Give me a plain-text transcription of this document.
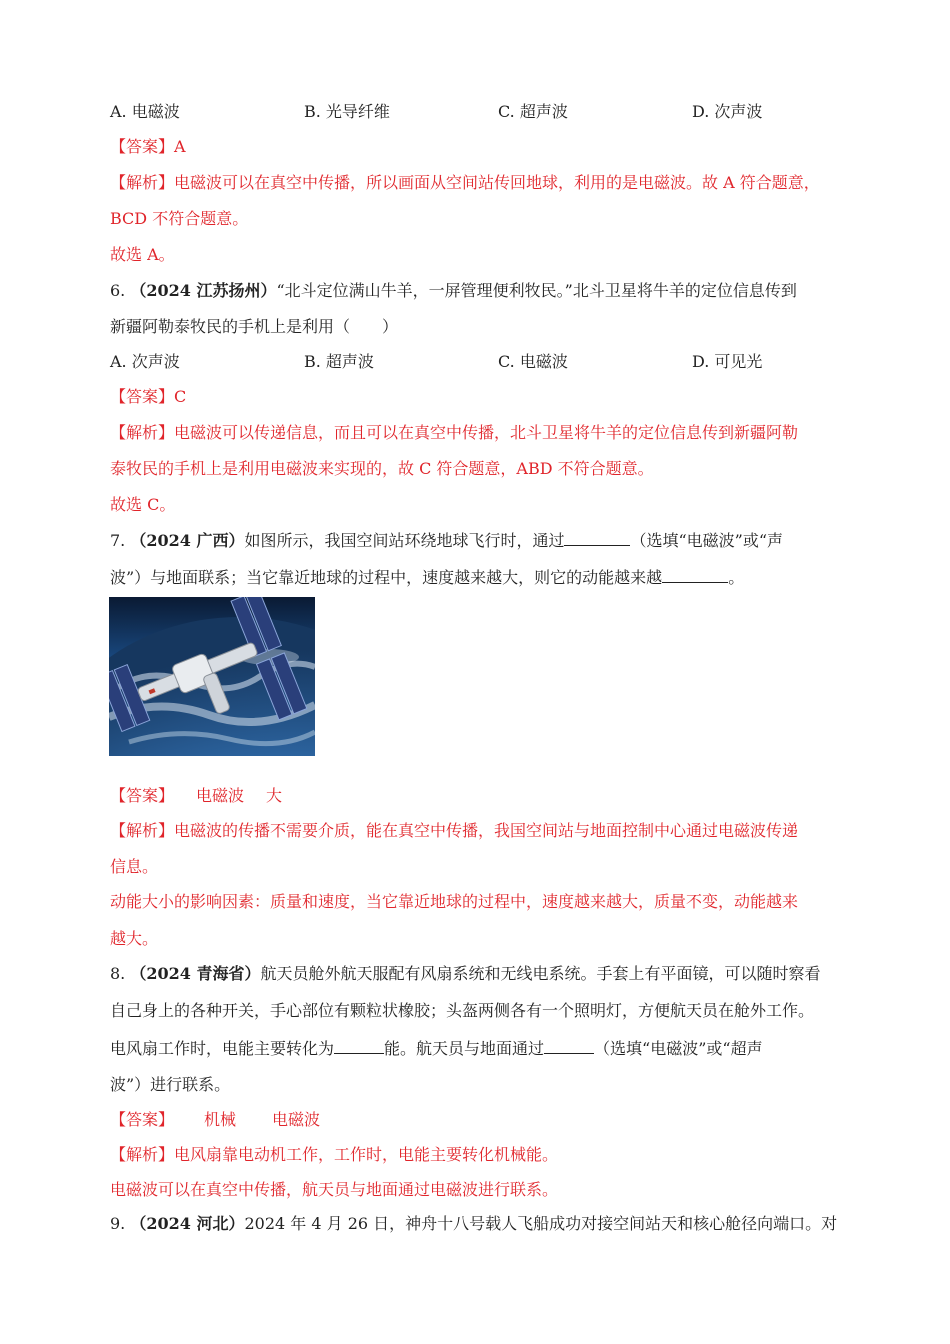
A. 电磁波	B. 光导纤维	C. 超声波	D. 次声波
【答案】A
【解析】电磁波可以在真空中传播，所以画面从空间站传回地球，利用的是电磁波。故 A 符合题意，
BCD 不符合题意。
故选 A。
6. （2024 江苏扬州）“北斗定位满山牛羊，一屏管理便利牧民。”北斗卫星将牛羊的定位信息传到
新疆阿勒泰牧民的手机上是利用（　　）
A. 次声波	B. 超声波	C. 电磁波	D. 可见光
【答案】C
【解析】电磁波可以传递信息，而且可以在真空中传播，北斗卫星将牛羊的定位信息传到新疆阿勒
泰牧民的手机上是利用电磁波来实现的，故 C 符合题意，ABD 不符合题意。
故选 C。
7. （2024 广西）如图所示，我国空间站环绕地球飞行时，通过	（选填“电磁波”或“声
波”）与地面联系；当它靠近地球的过程中，速度越来越大，则它的动能越来越	。
【答案】 电磁波 大
【解析】电磁波的传播不需要介质，能在真空中传播，我国空间站与地面控制中心通过电磁波传递
信息。
动能大小的影响因素：质量和速度，当它靠近地球的过程中，速度越来越大，质量不变，动能越来
越大。
8. （2024 青海省）航天员舱外航天服配有风扇系统和无线电系统。手套上有平面镜，可以随时察看
自己身上的各种开关，手心部位有颗粒状橡胶；头盔两侧各有一个照明灯，方便航天员在舱外工作。
电风扇工作时，电能主要转化为	能。航天员与地面通过	（选填“电磁波”或“超声
波”）进行联系。
【答案】 机械 电磁波
【解析】电风扇靠电动机工作，工作时，电能主要转化机械能。
电磁波可以在真空中传播，航天员与地面通过电磁波进行联系。
9. （2024 河北）2024 年 4 月 26 日，神舟十八号载人飞船成功对接空间站天和核心舱径向端口。对
